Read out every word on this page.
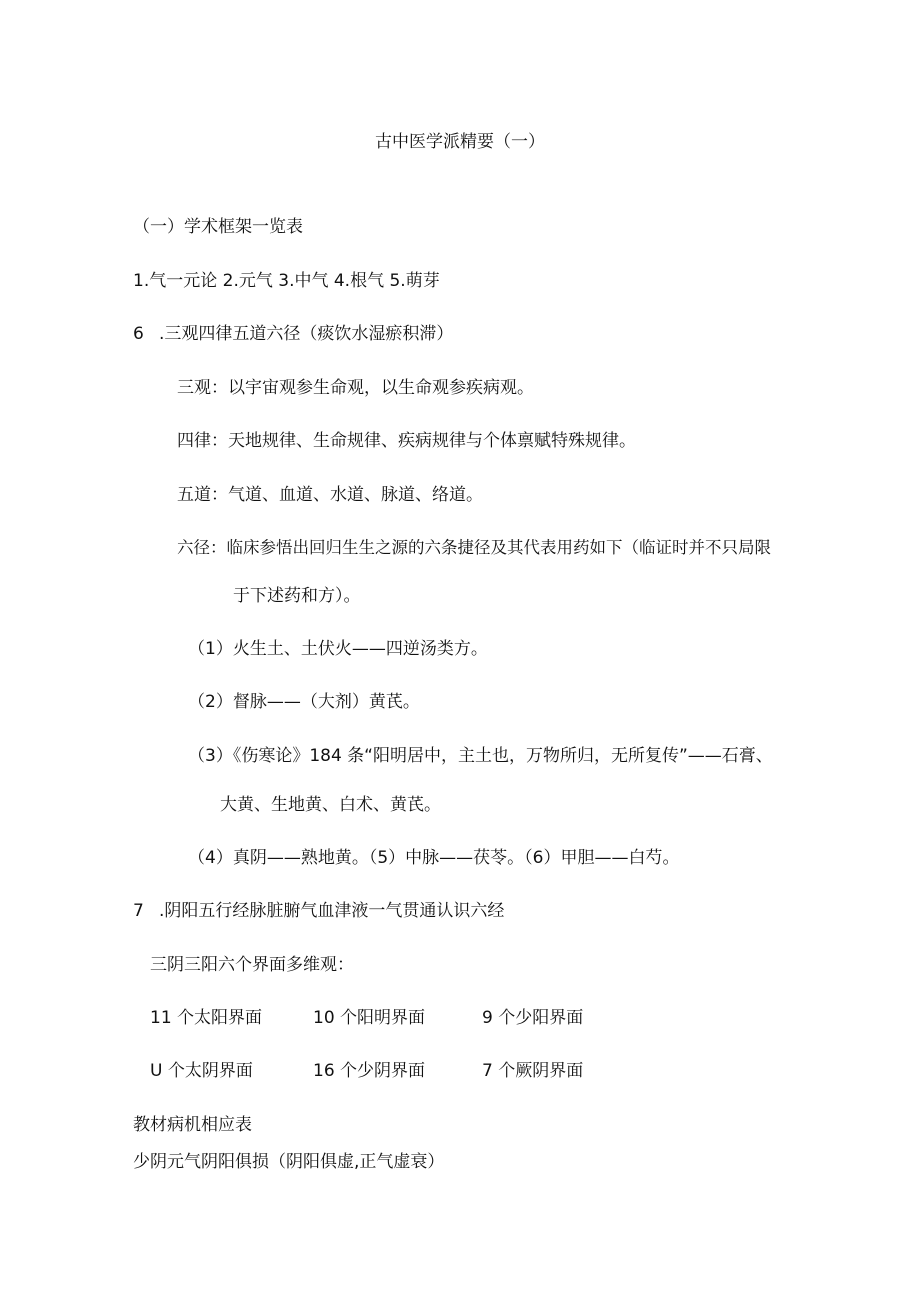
古中医学派精要（一）
（一）学术框架一览表
1.气一元论 2.元气 3.中气 4.根气 5.萌芽
6 .三观四律五道六径（痰饮水湿瘀积滞）
三观：以宇宙观参生命观，以生命观参疾病观。
四律：天地规律、生命规律、疾病规律与个体禀赋特殊规律。
五道：气道、血道、水道、脉道、络道。
六径：临床参悟出回归生生之源的六条捷径及其代表用药如下（临证时并不只局限
于下述药和方）。
（1）火生土、土伏火——四逆汤类方。
（2）督脉——（大剂）黄芪。
（3）《伤寒论》184 条“阳明居中，主土也，万物所归，无所复传”——石膏、
大黄、生地黄、白术、黄芪。
（4）真阴——熟地黄。（5）中脉——茯苓。（6）甲胆——白芍。
7 .阴阳五行经脉脏腑气血津液一气贯通认识六经
三阴三阳六个界面多维观：
11 个太阳界面	10 个阳明界面	9 个少阳界面
U 个太阴界面	16 个少阴界面	7 个厥阴界面
教材病机相应表
少阴元气阴阳俱损（阴阳俱虚,正气虚衰）
